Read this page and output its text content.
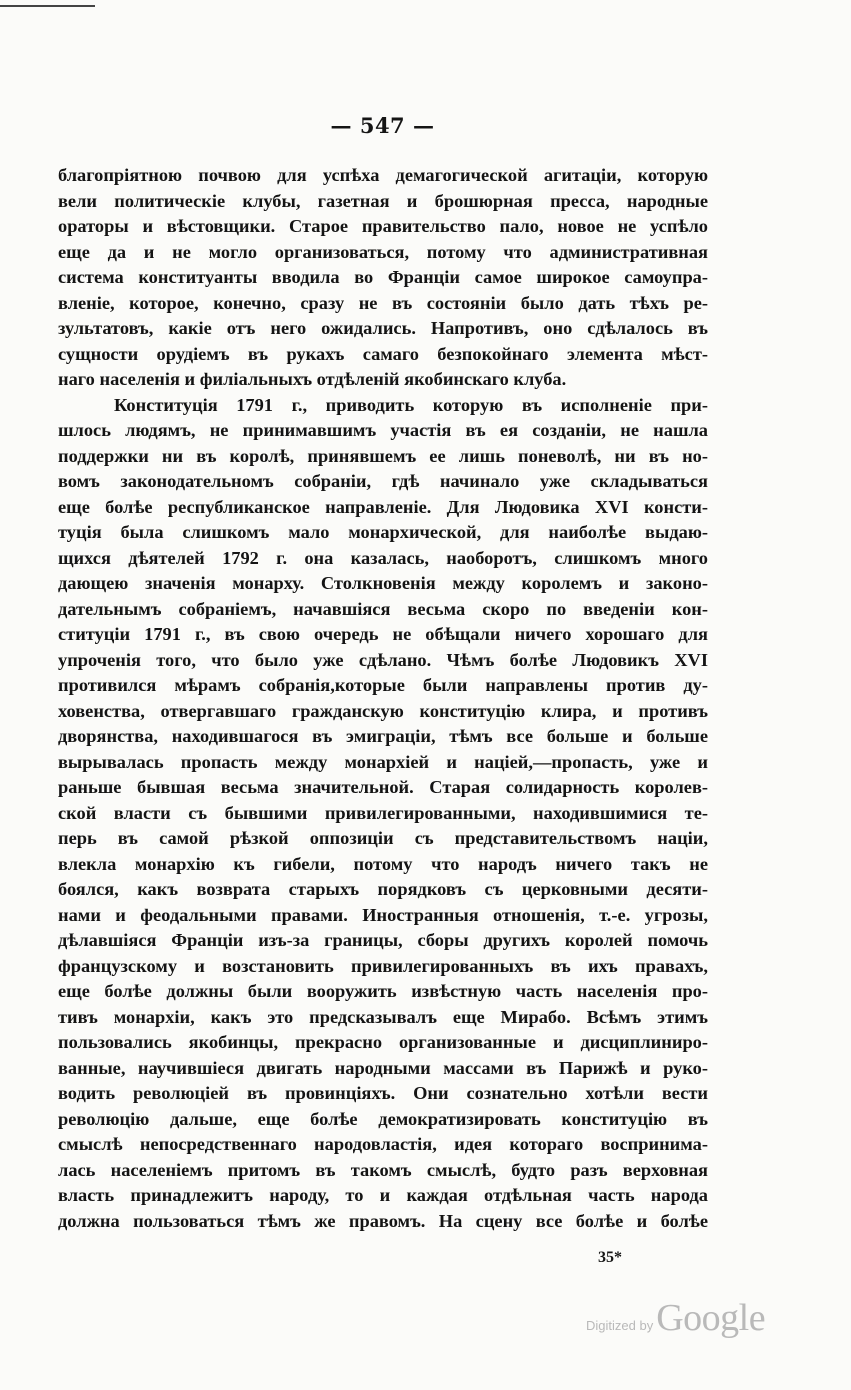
— 547 —
благопріятною почвою для успѣха демагогической агитаціи, которую
вели политическіе клубы, газетная и брошюрная пресса, народные
ораторы и вѣстовщики. Старое правительство пало, новое не успѣло
еще да и не могло организоваться, потому что административная
система конституанты вводила во Франціи самое широкое самоупра-
вленіе, которое, конечно, сразу не въ состояніи было дать тѣхъ ре-
зультатовъ, какіе отъ него ожидались. Напротивъ, оно сдѣлалось въ
сущности орудіемъ въ рукахъ самаго безпокойнаго элемента мѣст-
наго населенія и филіальныхъ отдѣленій якобинскаго клуба.
Конституція 1791 г., приводить которую въ исполненіе при-
шлось людямъ, не принимавшимъ участія въ ея созданіи, не нашла
поддержки ни въ королѣ, принявшемъ ее лишь поневолѣ, ни въ но-
вомъ законодательномъ собраніи, гдѣ начинало уже складываться
еще болѣе республиканское направленіе. Для Людовика XVI консти-
туція была слишкомъ мало монархической, для наиболѣе выдаю-
щихся дѣятелей 1792 г. она казалась, наоборотъ, слишкомъ много
дающею значенія монарху. Столкновенія между королемъ и законо-
дательнымъ собраніемъ, начавшіяся весьма скоро по введеніи кон-
ституціи 1791 г., въ свою очередь не обѣщали ничего хорошаго для
упроченія того, что было уже сдѣлано. Чѣмъ болѣе Людовикъ XVI
противился мѣрамъ собранія,которые были направлены против ду-
ховенства, отвергавшаго гражданскую конституцію клира, и противъ
дворянства, находившагося въ эмиграціи, тѣмъ все больше и больше
вырывалась пропасть между монархіей и націей,—пропасть, уже и
раньше бывшая весьма значительной. Старая солидарность королев-
ской власти съ бывшими привилегированными, находившимися те-
перь въ самой рѣзкой оппозиціи съ представительствомъ націи,
влекла монархію къ гибели, потому что народъ ничего такъ не
боялся, какъ возврата старыхъ порядковъ съ церковными десяти-
нами и феодальными правами. Иностранныя отношенія, т.-е. угрозы,
дѣлавшіяся Франціи изъ-за границы, сборы другихъ королей помочь
французскому и возстановить привилегированныхъ въ ихъ правахъ,
еще болѣе должны были вооружить извѣстную часть населенія про-
тивъ монархіи, какъ это предсказывалъ еще Мирабо. Всѣмъ этимъ
пользовались якобинцы, прекрасно организованные и дисциплиниро-
ванные, научившіеся двигать народными массами въ Парижѣ и руко-
водить революціей въ провинціяхъ. Они сознательно хотѣли вести
революцію дальше, еще болѣе демократизировать конституцію въ
смыслѣ непосредственнаго народовластія, идея котораго воспринима-
лась населеніемъ притомъ въ такомъ смыслѣ, будто разъ верховная
власть принадлежитъ народу, то и каждая отдѣльная часть народа
должна пользоваться тѣмъ же правомъ. На сцену все болѣе и болѣе
35*
Digitized by Google
